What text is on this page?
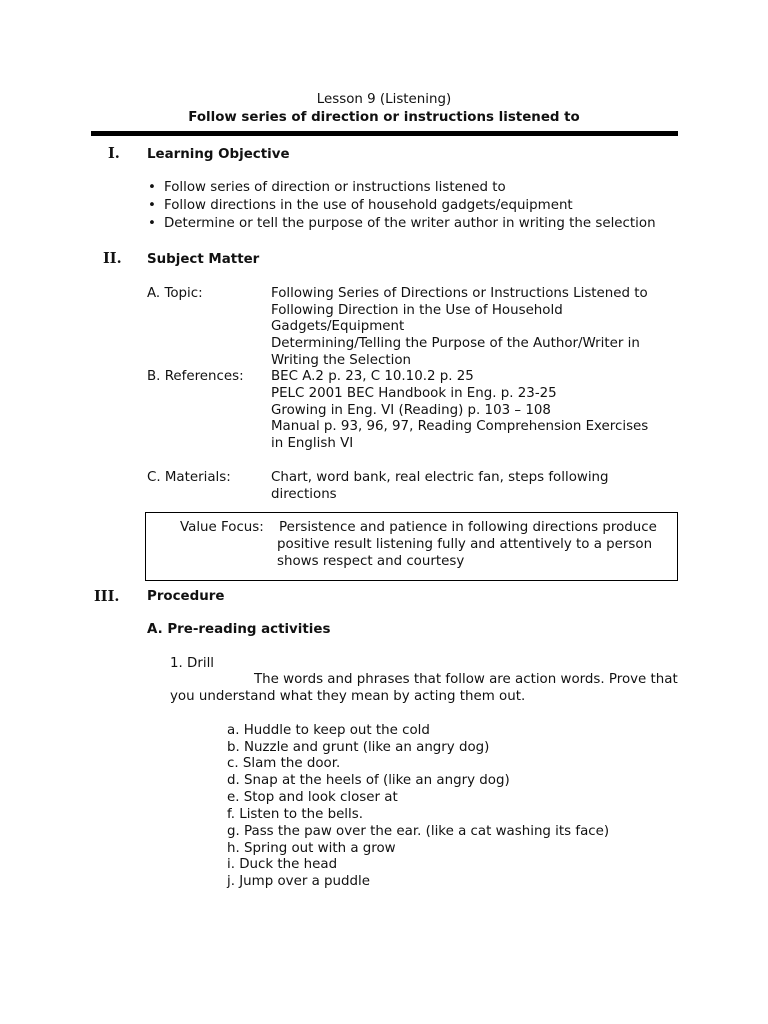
Lesson 9 (Listening)
Follow series of direction or instructions listened to
I. Learning Objective
• Follow series of direction or instructions listened to
• Follow directions in the use of household gadgets/equipment
• Determine or tell the purpose of the writer author in writing the selection
II. Subject Matter
A. Topic:	Following Series of Directions or Instructions Listened to
Following Direction in the Use of Household
Gadgets/Equipment
Determining/Telling the Purpose of the Author/Writer in
Writing the Selection
B. References: BEC A.2 p. 23, C 10.10.2 p. 25
PELC 2001 BEC Handbook in Eng. p. 23-25
Growing in Eng. VI (Reading) p. 103 – 108
Manual p. 93, 96, 97, Reading Comprehension Exercises
in English VI
C. Materials:	Chart, word bank, real electric fan, steps following
directions
Value Focus: Persistence and patience in following directions produce
positive result listening fully and attentively to a person
shows respect and courtesy
III. Procedure
A. Pre-reading activities
1. Drill
The words and phrases that follow are action words. Prove that
you understand what they mean by acting them out.
a. Huddle to keep out the cold
b. Nuzzle and grunt (like an angry dog)
c. Slam the door.
d. Snap at the heels of (like an angry dog)
e. Stop and look closer at
f. Listen to the bells.
g. Pass the paw over the ear. (like a cat washing its face)
h. Spring out with a grow
i. Duck the head
j. Jump over a puddle
